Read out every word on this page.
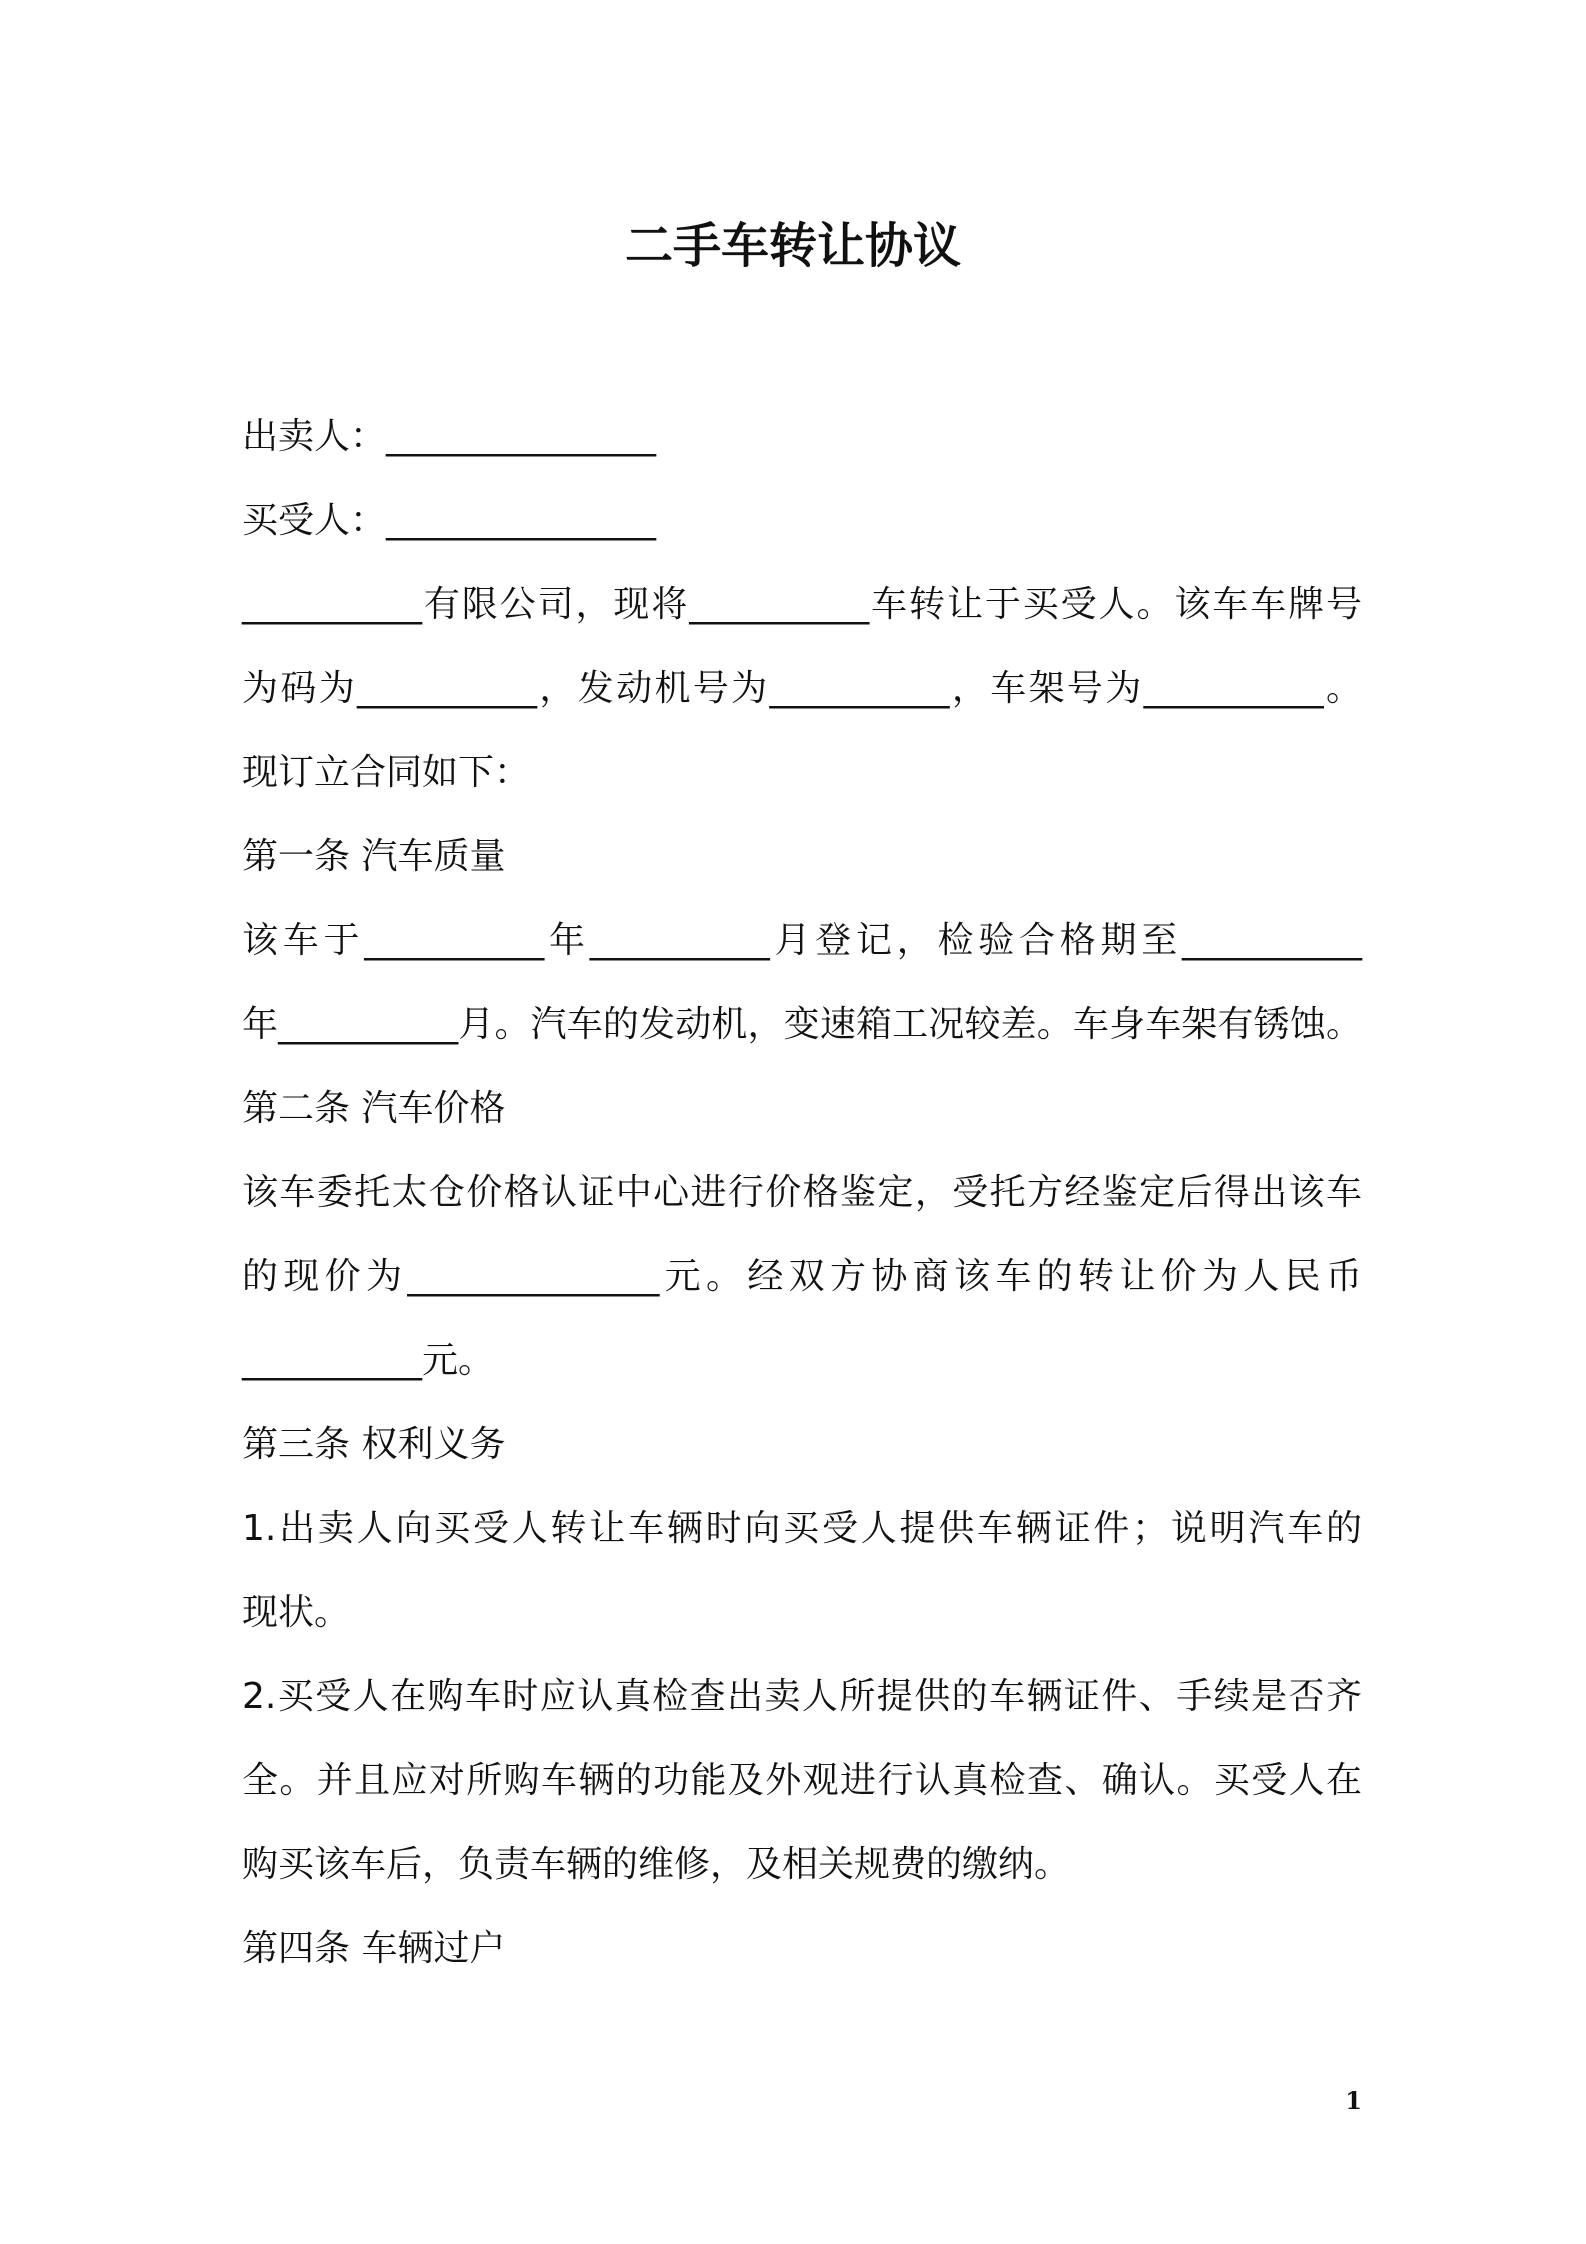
二手车转让协议

出卖人：_______________

买受人：_______________

__________有限公司，现将__________车转让于买受人。该车车牌号

为码为__________，发动机号为__________，车架号为__________。

现订立合同如下：

第一条 汽车质量

该车于__________年__________月登记，检验合格期至__________

年__________月。汽车的发动机，变速箱工况较差。车身车架有锈蚀。

第二条 汽车价格

该车委托太仓价格认证中心进行价格鉴定，受托方经鉴定后得出该车

的现价为______________元。经双方协商该车的转让价为人民币

__________元。

第三条 权利义务

1.出卖人向买受人转让车辆时向买受人提供车辆证件；说明汽车的

现状。

2.买受人在购车时应认真检查出卖人所提供的车辆证件、手续是否齐

全。并且应对所购车辆的功能及外观进行认真检查、确认。买受人在

购买该车后，负责车辆的维修，及相关规费的缴纳。

第四条 车辆过户

1
